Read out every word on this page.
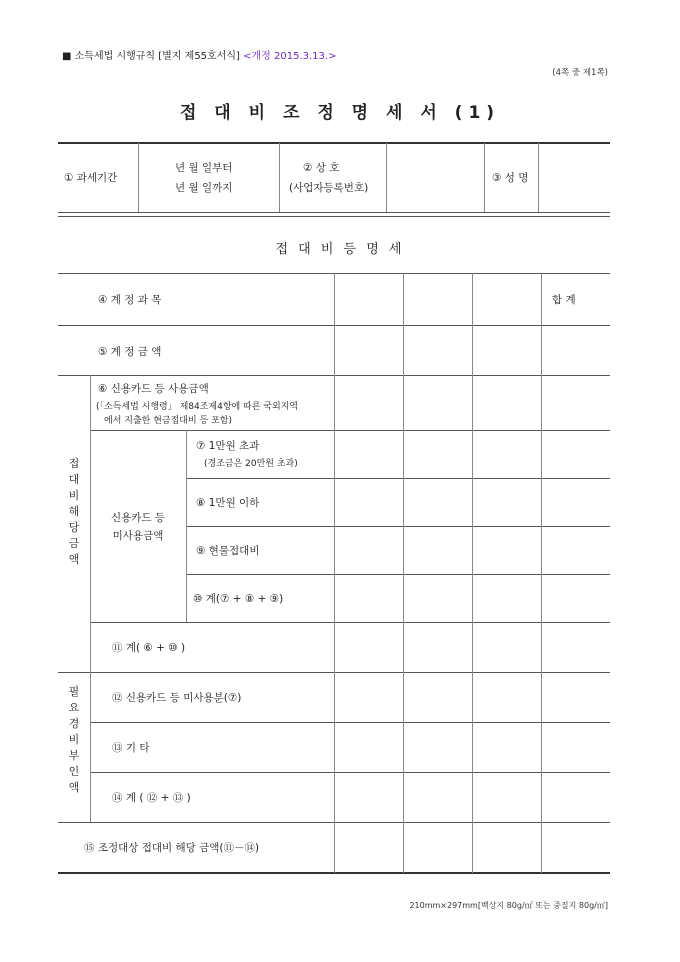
■ 소득세법 시행규칙 [별지 제55호서식] <개정 2015.3.13.>
(4쪽 중 제1쪽)
접 대 비 조 정 명 세 서 (1)
① 과세기간
년 월 일부터
년 월 일까지
② 상 호
(사업자등록번호)
③ 성 명
접 대 비 등 명 세
④ 계 정 과 목	합 계
⑤ 계 정 금 액
⑥ 신용카드 등 사용금액
(「소득세법 시행령」 제84조제4항에 따른 국외지역
에서 지출한 현금접대비 등 포함)
신용카드 등
미사용금액
⑦ 1만원 초과
(경조금은 20만원 초과)
⑧ 1만원 이하
⑨ 현물접대비
⑩ 계(⑦ + ⑧ + ⑨)
⑪ 계( ⑥ + ⑩ )
접대비해당금액
필요경비부인액
⑫ 신용카드 등 미사용분(⑦)
⑬ 기 타
⑭ 계 ( ⑫ + ⑬ )
⑮ 조정대상 접대비 해당 금액(⑪－⑭)
210mm×297mm[백상지 80g/㎡ 또는 중질지 80g/㎡]
